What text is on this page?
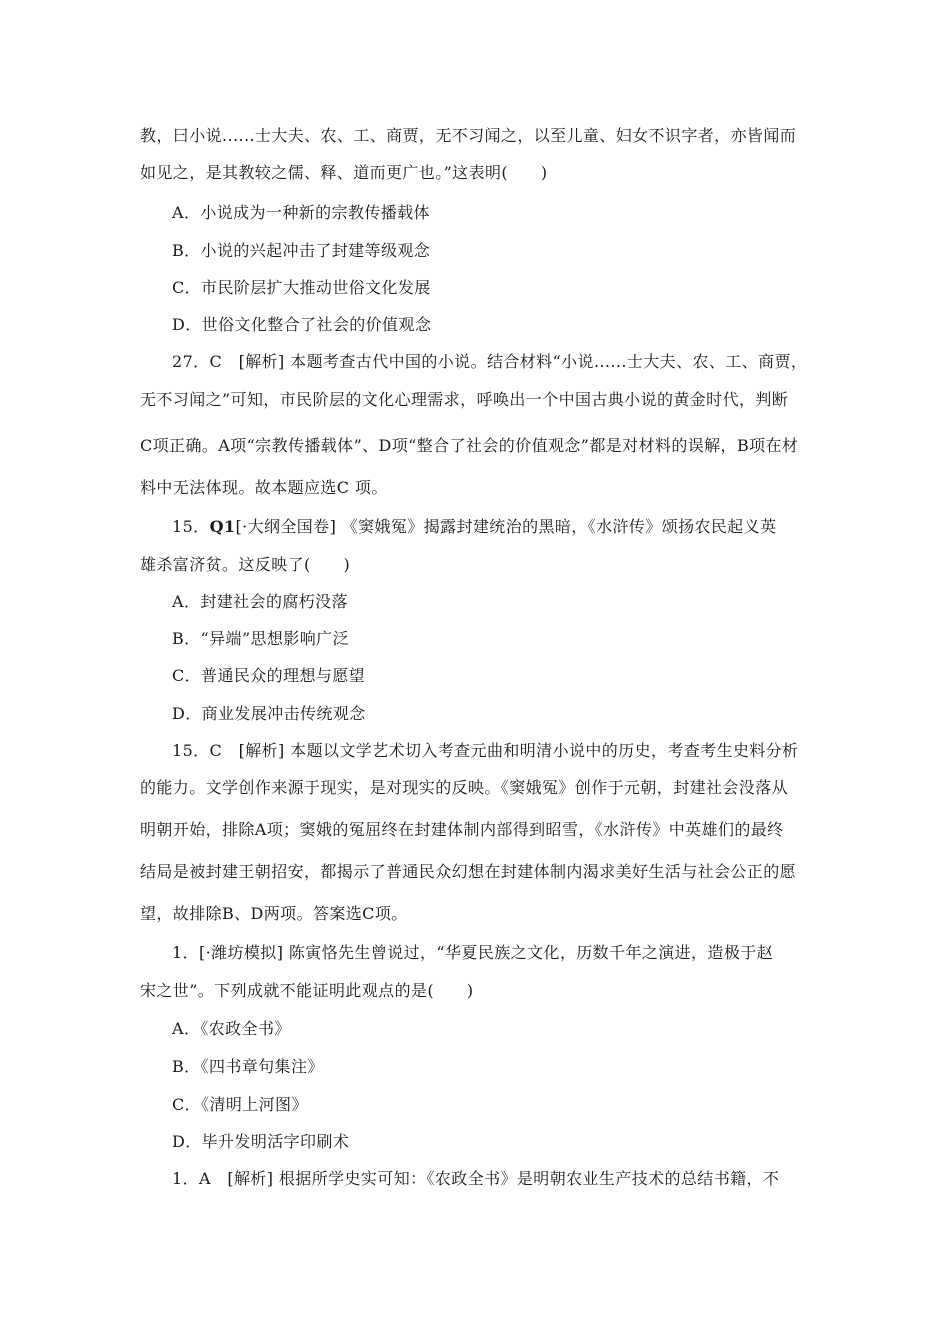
教，曰小说......士大夫、农、工、商贾，无不习闻之，以至儿童、妇女不识字者，亦皆闻而
如见之，是其教较之儒、释、道而更广也。”这表明(　　)
A．小说成为一种新的宗教传播载体
B．小说的兴起冲击了封建等级观念
C．市民阶层扩大推动世俗文化发展
D．世俗文化整合了社会的价值观念
27．C　[解析] 本题考查古代中国的小说。结合材料“小说......士大夫、农、工、商贾，
无不习闻之”可知，市民阶层的文化心理需求，呼唤出一个中国古典小说的黄金时代，判断
C项正确。A项“宗教传播载体”、D项“整合了社会的价值观念”都是对材料的误解，B项在材
料中无法体现。故本题应选C 项。
15．Q1[·大纲全国卷] 《窦娥冤》揭露封建统治的黑暗，《水浒传》颂扬农民起义英
雄杀富济贫。这反映了(　　)
A．封建社会的腐朽没落
B．“异端”思想影响广泛
C．普通民众的理想与愿望
D．商业发展冲击传统观念
15．C　[解析] 本题以文学艺术切入考查元曲和明清小说中的历史，考查考生史料分析
的能力。文学创作来源于现实，是对现实的反映。《窦娥冤》创作于元朝，封建社会没落从
明朝开始，排除A项；窦娥的冤屈终在封建体制内部得到昭雪，《水浒传》中英雄们的最终
结局是被封建王朝招安，都揭示了普通民众幻想在封建体制内渴求美好生活与社会公正的愿
望，故排除B、D两项。答案选C项。
1．[·潍坊模拟] 陈寅恪先生曾说过，“华夏民族之文化，历数千年之演进，造极于赵
宋之世”。下列成就不能证明此观点的是(　　)
A．《农政全书》
B．《四书章句集注》
C．《清明上河图》
D．毕升发明活字印刷术
1．A　[解析] 根据所学史实可知：《农政全书》是明朝农业生产技术的总结书籍，不
